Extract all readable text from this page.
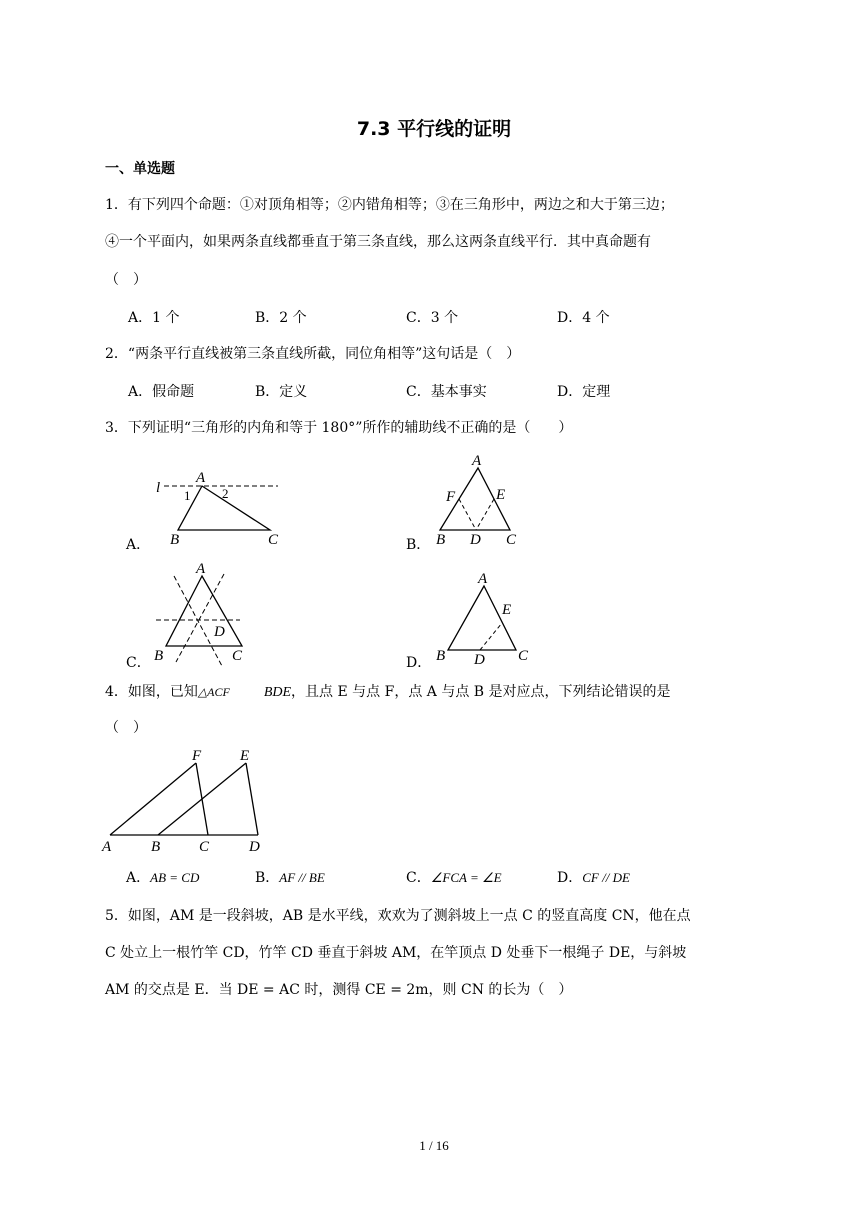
7.3 平行线的证明
一、单选题
1．有下列四个命题：①对顶角相等；②内错角相等；③在三角形中，两边之和大于第三边；
④一个平面内，如果两条直线都垂直于第三条直线，那么这两条直线平行．其中真命题有
（　）
A．1 个	B．2 个	C．3 个	D．4 个
2．“两条平行直线被第三条直线所截，同位角相等”这句话是（　）
A．假命题	B．定义	C．基本事实	D．定理
3．下列证明“三角形的内角和等于 180°”所作的辅助线不正确的是（　　）
A．
l
A
1 2
B	C	B．
A
F	E
B D C
C．
A
D
B	C	D．
A
E
B D C
4．如图，已知△ACF BDE，且点 E 与点 F，点 A 与点 B 是对应点，下列结论错误的是
（　）
F	E
A	B	C	D
A．AB = CD	B．AF // BE	C．∠FCA = ∠E	D．CF // DE
5．如图，AM 是一段斜坡，AB 是水平线，欢欢为了测斜坡上一点 C 的竖直高度 CN，他在点
C 处立上一根竹竿 CD，竹竿 CD 垂直于斜坡 AM，在竿顶点 D 处垂下一根绳子 DE，与斜坡
AM 的交点是 E．当 DE = AC 时，测得 CE = 2m，则 CN 的长为（　）
1 / 16
